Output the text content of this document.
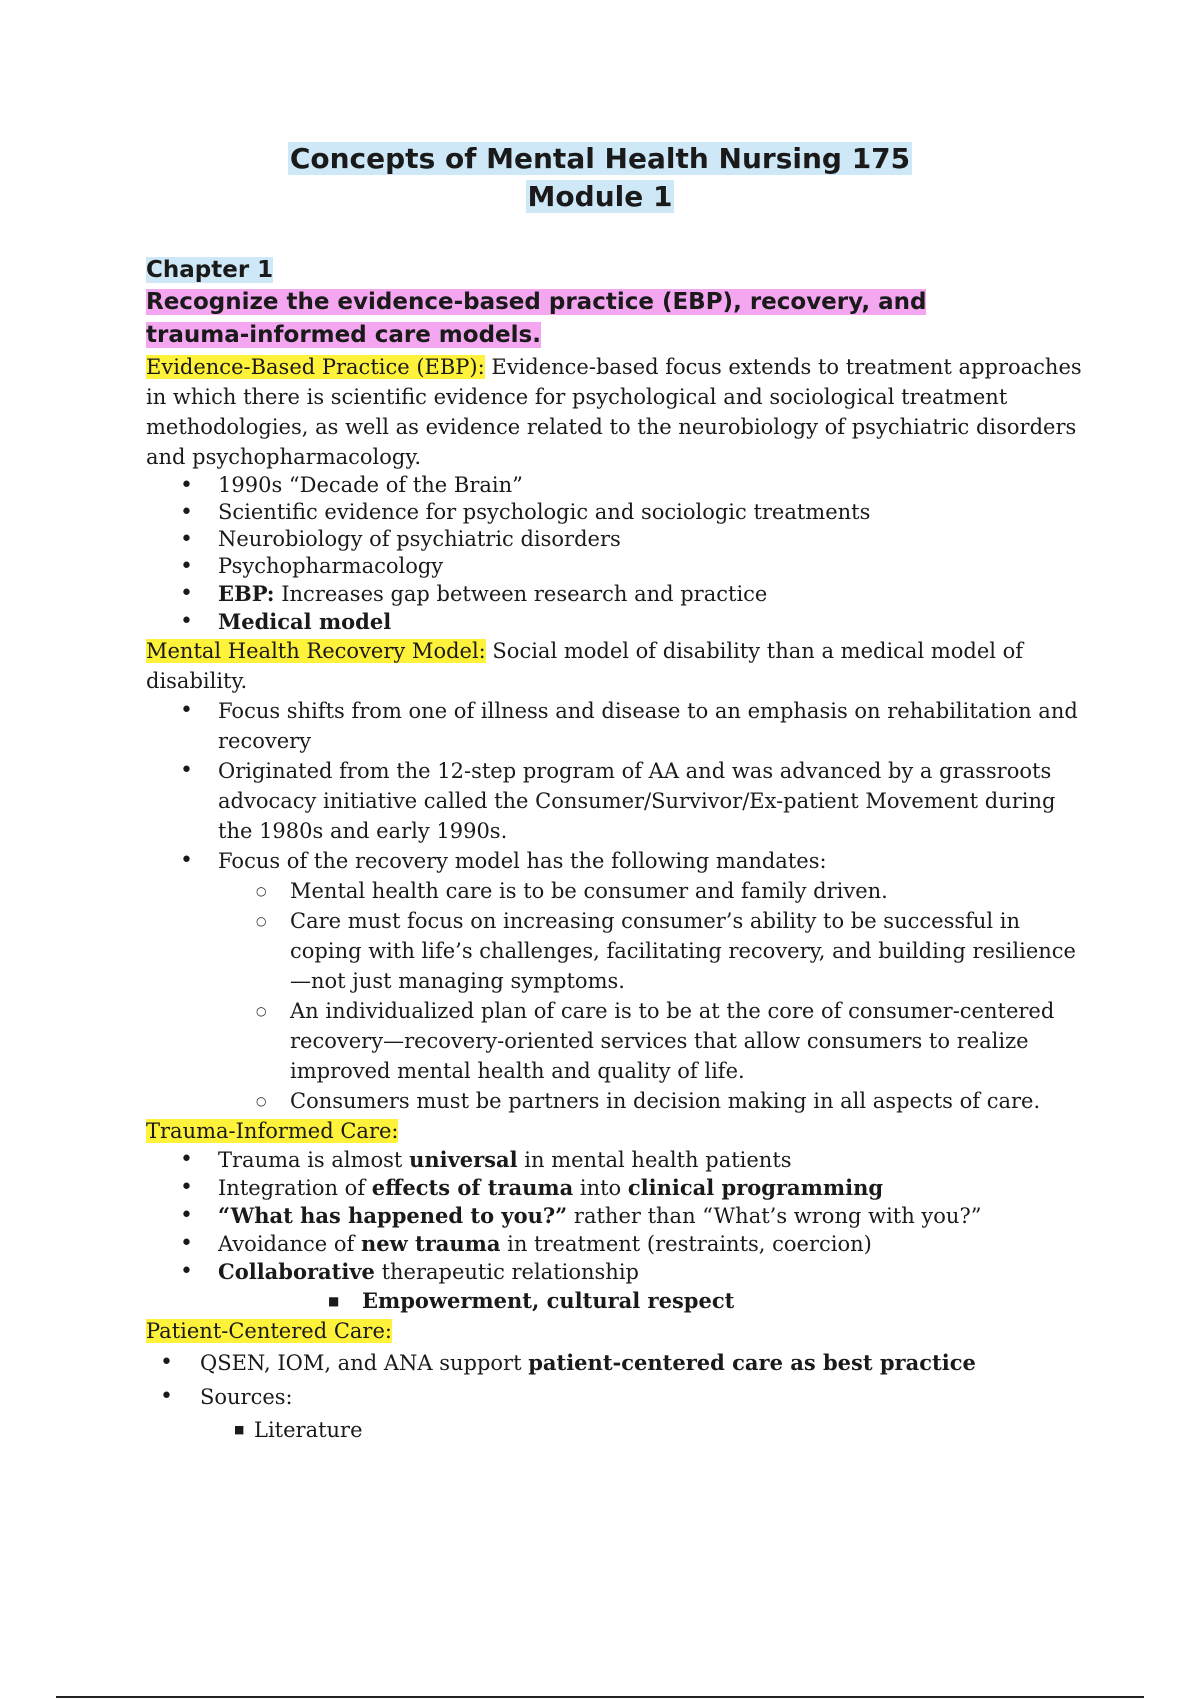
Concepts of Mental Health Nursing 175
Module 1
Chapter 1
Recognize the evidence-based practice (EBP), recovery, and
trauma-informed care models.

Evidence-Based Practice (EBP): Evidence-based focus extends to treatment approaches in which there is scientific evidence for psychological and sociological treatment methodologies, as well as evidence related to the neurobiology of psychiatric disorders and psychopharmacology.

• 1990s “Decade of the Brain”
• Scientific evidence for psychologic and sociologic treatments
• Neurobiology of psychiatric disorders
• Psychopharmacology
• EBP: Increases gap between research and practice
• Medical model

Mental Health Recovery Model: Social model of disability than a medical model of disability.

• Focus shifts from one of illness and disease to an emphasis on rehabilitation and recovery
• Originated from the 12-step program of AA and was advanced by a grassroots advocacy initiative called the Consumer/Survivor/Ex-patient Movement during the 1980s and early 1990s.
• Focus of the recovery model has the following mandates:
○ Mental health care is to be consumer and family driven.
○ Care must focus on increasing consumer’s ability to be successful in coping with life’s challenges, facilitating recovery, and building resilience—not just managing symptoms.
○ An individualized plan of care is to be at the core of consumer-centered recovery—recovery-oriented services that allow consumers to realize improved mental health and quality of life.
○ Consumers must be partners in decision making in all aspects of care.

Trauma-Informed Care:

• Trauma is almost universal in mental health patients
• Integration of effects of trauma into clinical programming
• “What has happened to you?” rather than “What’s wrong with you?”
• Avoidance of new trauma in treatment (restraints, coercion)
• Collaborative therapeutic relationship
■ Empowerment, cultural respect

Patient-Centered Care:

• QSEN, IOM, and ANA support patient-centered care as best practice
• Sources:
■ Literature
